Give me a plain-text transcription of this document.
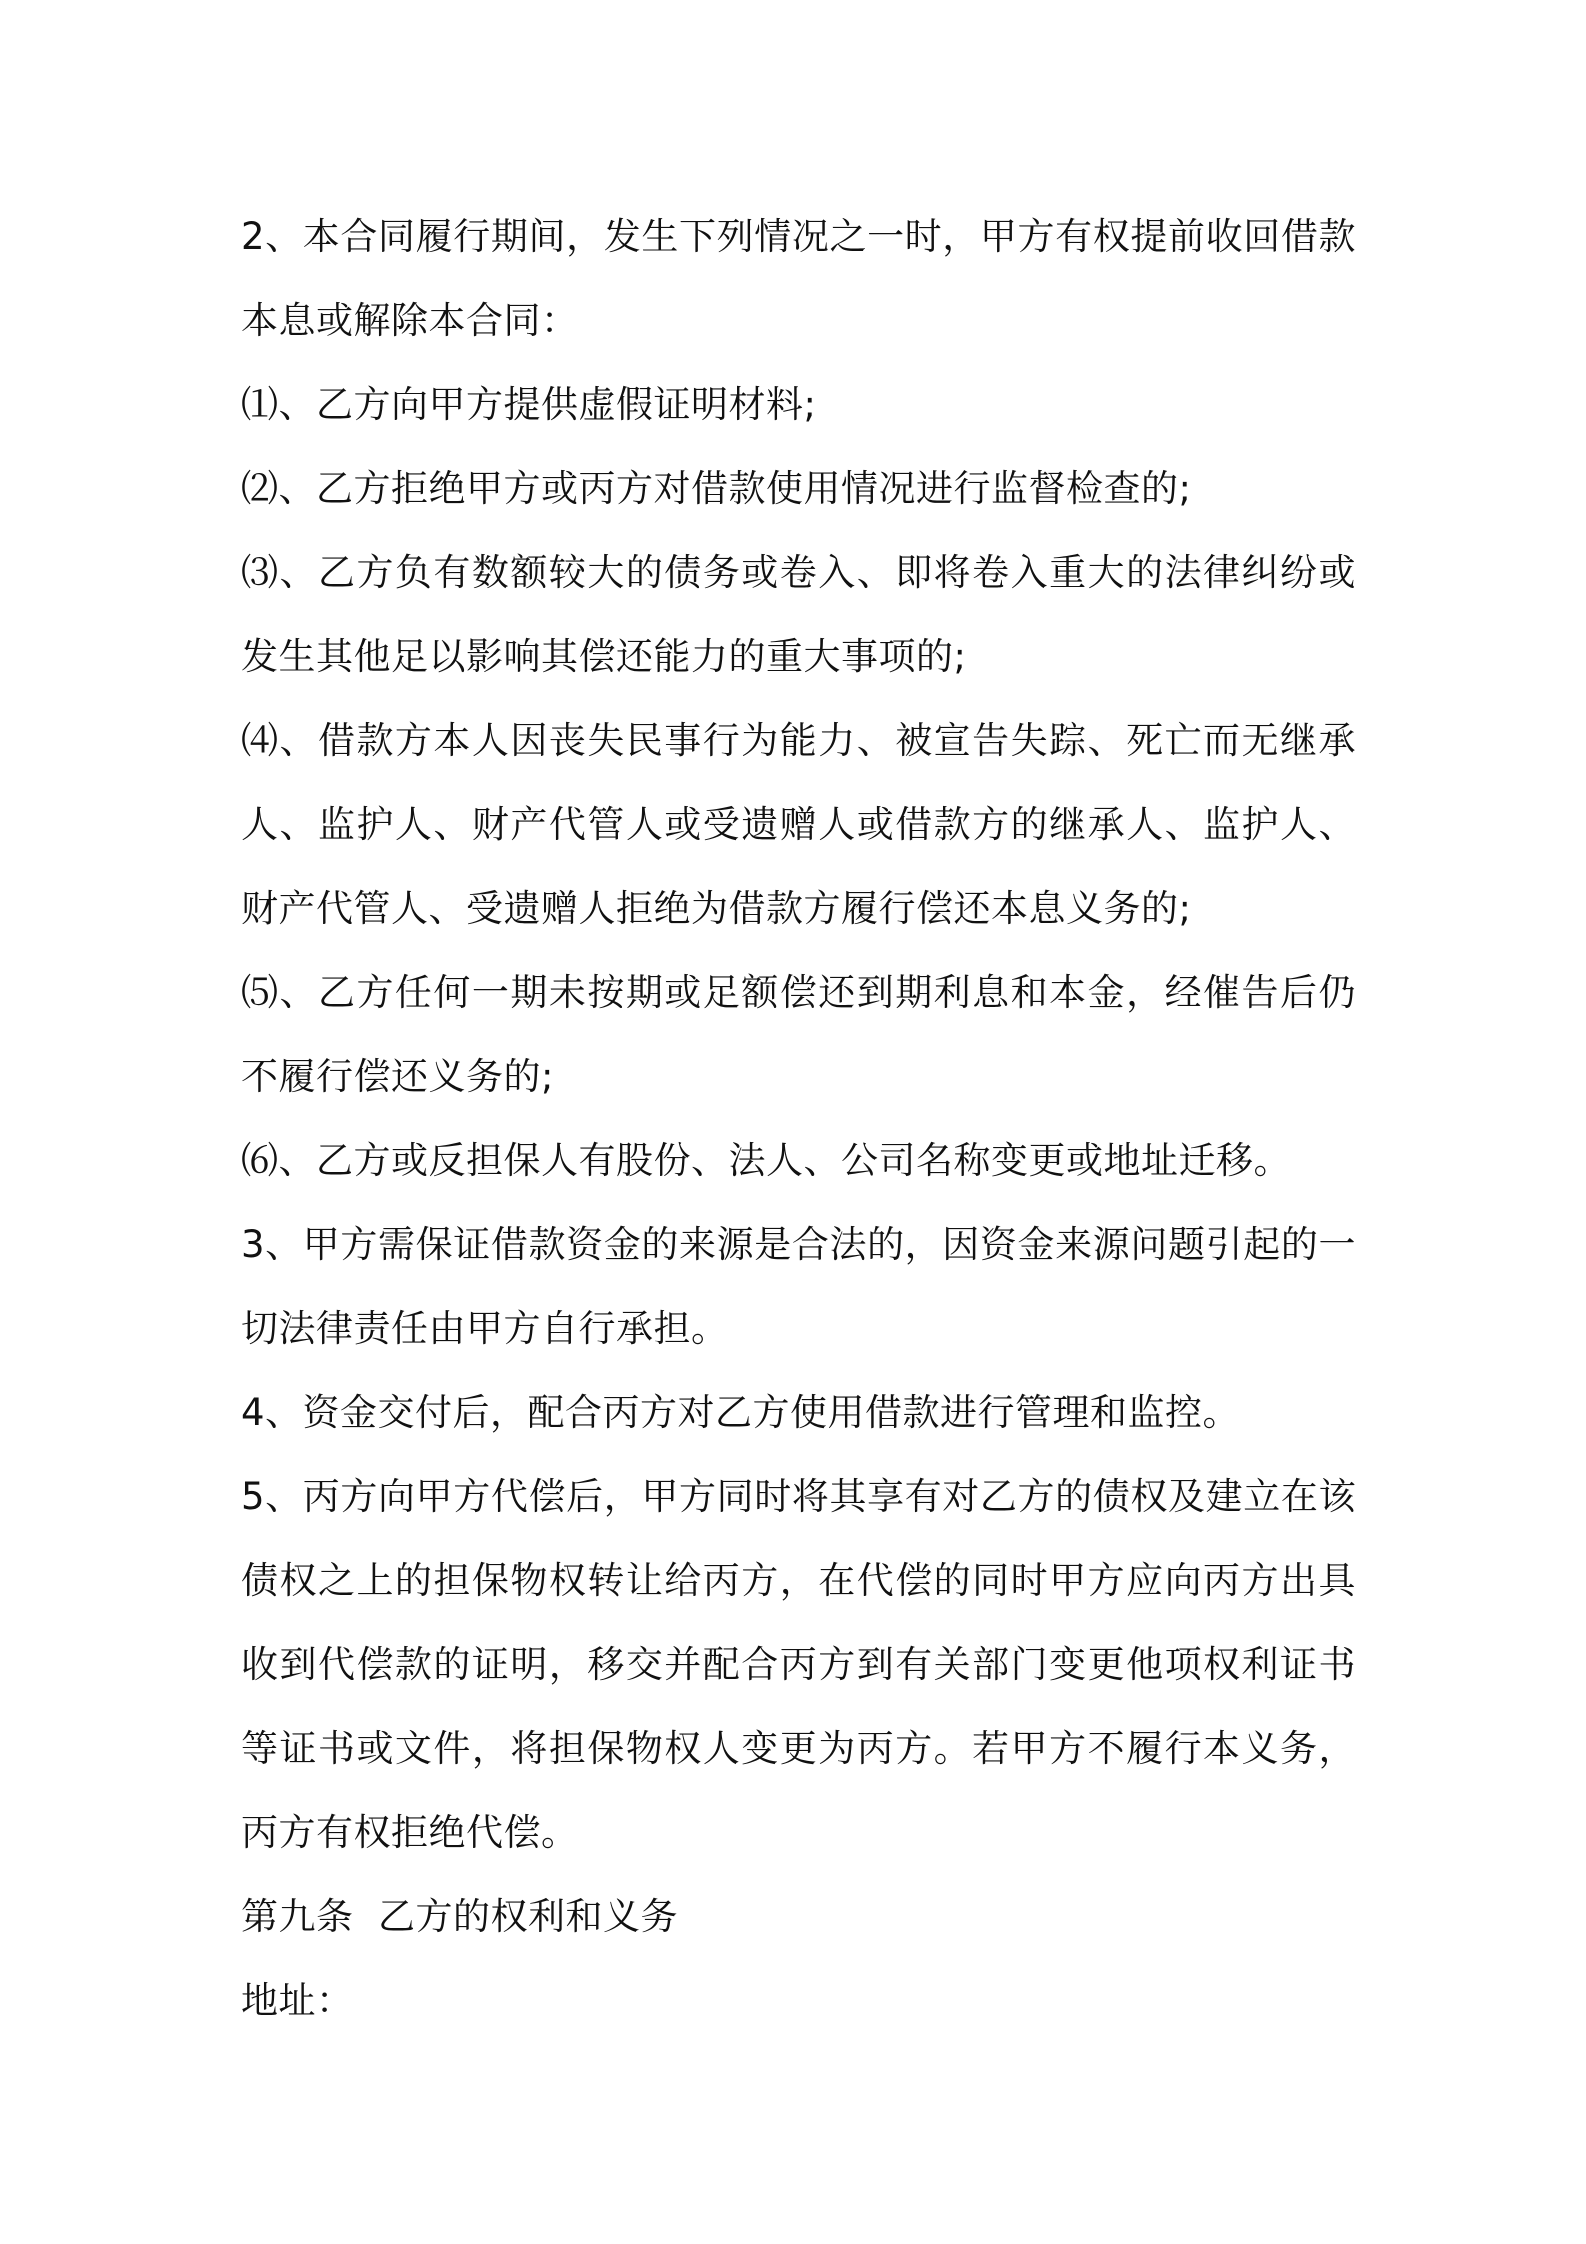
2、本合同履行期间，发生下列情况之一时，甲方有权提前收回借款本息或解除本合同：

⑴、乙方向甲方提供虚假证明材料;

⑵、乙方拒绝甲方或丙方对借款使用情况进行监督检查的;

⑶、乙方负有数额较大的债务或卷入、即将卷入重大的法律纠纷或发生其他足以影响其偿还能力的重大事项的;

⑷、借款方本人因丧失民事行为能力、被宣告失踪、死亡而无继承人、监护人、财产代管人或受遗赠人或借款方的继承人、监护人、财产代管人、受遗赠人拒绝为借款方履行偿还本息义务的;

⑸、乙方任何一期未按期或足额偿还到期利息和本金，经催告后仍不履行偿还义务的;

⑹、乙方或反担保人有股份、法人、公司名称变更或地址迁移。

3、甲方需保证借款资金的来源是合法的，因资金来源问题引起的一切法律责任由甲方自行承担。

4、资金交付后，配合丙方对乙方使用借款进行管理和监控。

5、丙方向甲方代偿后，甲方同时将其享有对乙方的债权及建立在该债权之上的担保物权转让给丙方，在代偿的同时甲方应向丙方出具收到代偿款的证明，移交并配合丙方到有关部门变更他项权利证书等证书或文件，将担保物权人变更为丙方。若甲方不履行本义务，丙方有权拒绝代偿。

第九条  乙方的权利和义务

地址：
